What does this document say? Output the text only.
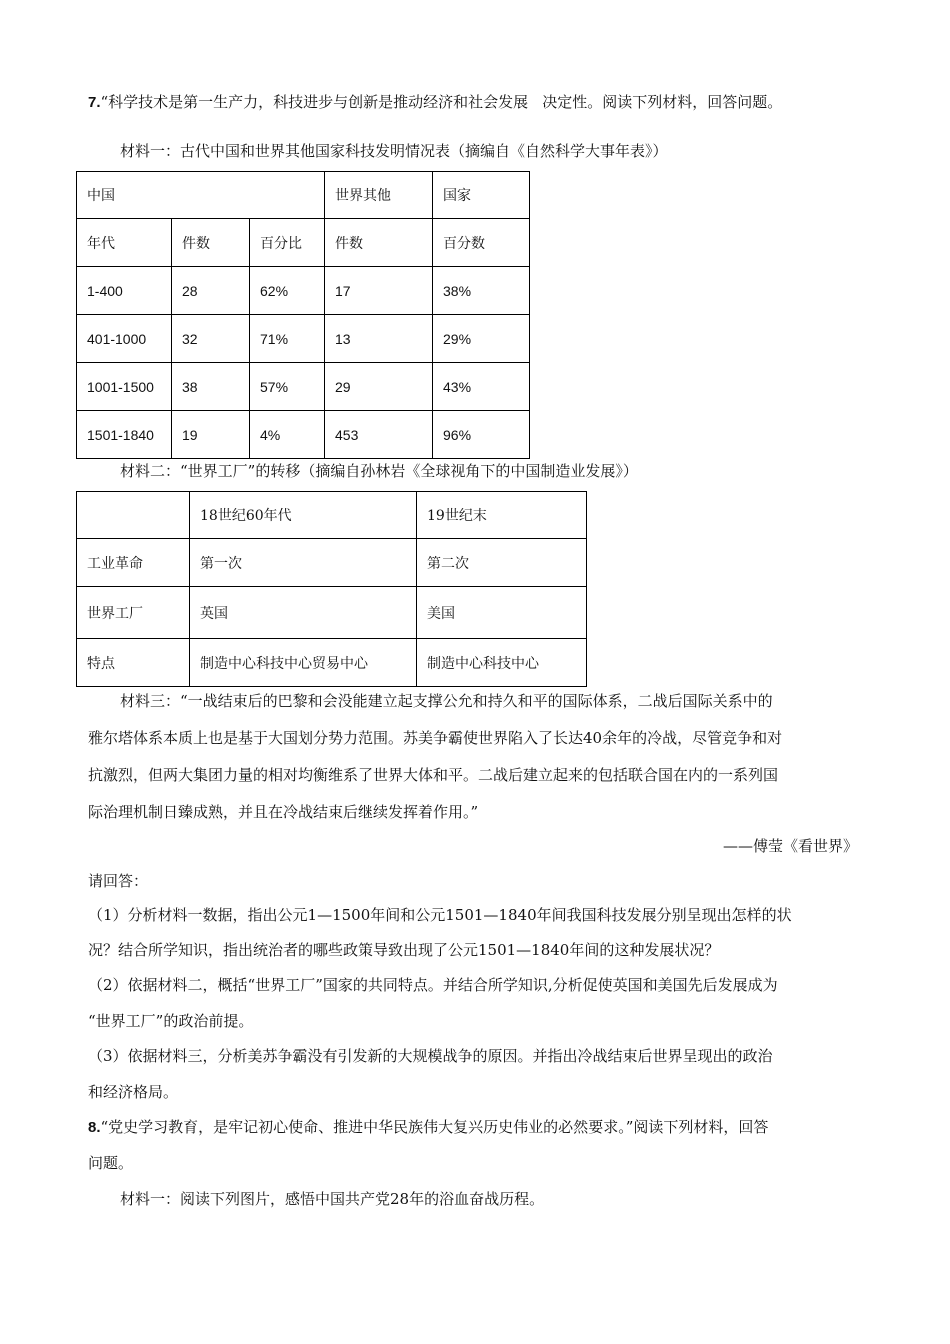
7.“科学技术是第一生产力，科技进步与创新是推动经济和社会发展 决定性。阅读下列材料，回答问题。
材料一：古代中国和世界其他国家科技发明情况表（摘编自《自然科学大事年表》）
中国			世界其他	国家
年代	件数	百分比	件数	百分数
1-400	28	62%	17	38%
401-1000	32	71%	13	29%
1001-1500	38	57%	29	43%
1501-1840	19	4%	453	96%
材料二：“世界工厂”的转移（摘编自孙林岩《全球视角下的中国制造业发展》）
	18世纪60年代	19世纪末
工业革命	第一次	第二次
世界工厂	英国	美国
特点	制造中心科技中心贸易中心	制造中心科技中心
材料三：“一战结束后的巴黎和会没能建立起支撑公允和持久和平的国际体系，二战后国际关系中的
雅尔塔体系本质上也是基于大国划分势力范围。苏美争霸使世界陷入了长达40余年的冷战，尽管竞争和对
抗激烈，但两大集团力量的相对均衡维系了世界大体和平。二战后建立起来的包括联合国在内的一系列国
际治理机制日臻成熟，并且在冷战结束后继续发挥着作用。”
——傅莹《看世界》
请回答：
（1）分析材料一数据，指出公元1—1500年间和公元1501—1840年间我国科技发展分别呈现出怎样的状
况？结合所学知识，指出统治者的哪些政策导致出现了公元1501—1840年间的这种发展状况？
（2）依据材料二，概括“世界工厂”国家的共同特点。并结合所学知识,分析促使英国和美国先后发展成为
“世界工厂”的政治前提。
（3）依据材料三，分析美苏争霸没有引发新的大规模战争的原因。并指出冷战结束后世界呈现出的政治
和经济格局。
8.“党史学习教育，是牢记初心使命、推进中华民族伟大复兴历史伟业的必然要求。”阅读下列材料，回答
问题。
材料一：阅读下列图片，感悟中国共产党28年的浴血奋战历程。
